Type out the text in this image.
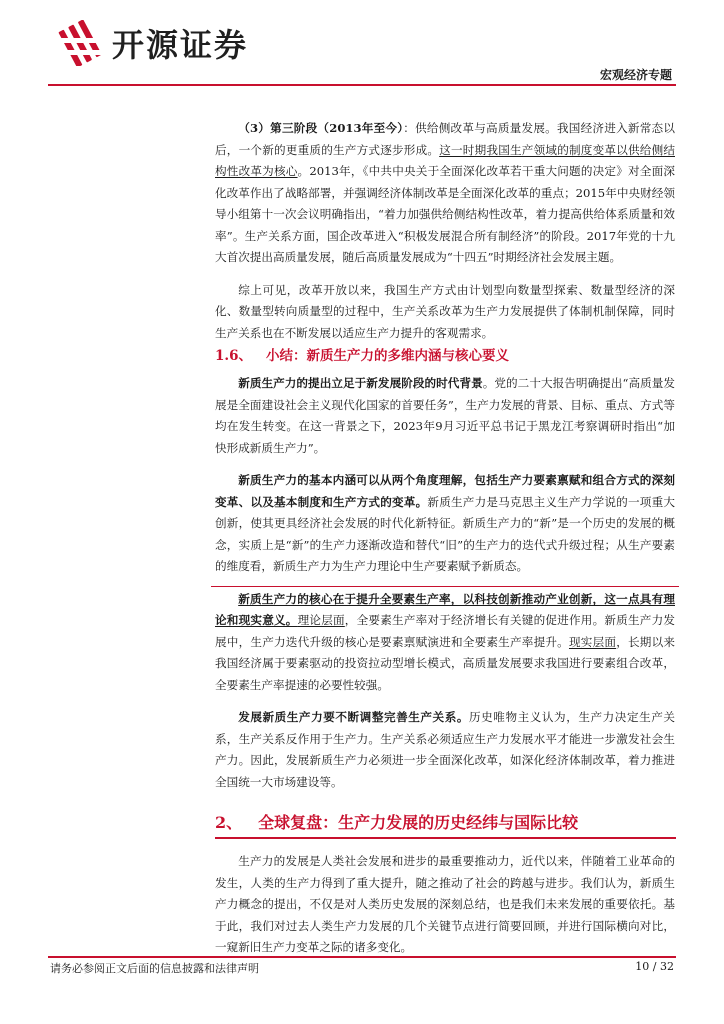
开源证券
宏观经济专题

（3）第三阶段（2013年至今）：供给侧改革与高质量发展。我国经济进入新常态以后，一个新的更重质的生产方式逐步形成。这一时期我国生产领域的制度变革以供给侧结构性改革为核心。2013年，《中共中央关于全面深化改革若干重大问题的决定》对全面深化改革作出了战略部署，并强调经济体制改革是全面深化改革的重点；2015年中央财经领导小组第十一次会议明确指出，“着力加强供给侧结构性改革，着力提高供给体系质量和效率”。生产关系方面，国企改革进入“积极发展混合所有制经济”的阶段。2017年党的十九大首次提出高质量发展，随后高质量发展成为“十四五”时期经济社会发展主题。

综上可见，改革开放以来，我国生产方式由计划型向数量型探索、数量型经济的深化、数量型转向质量型的过程中，生产关系改革为生产力发展提供了体制机制保障，同时生产关系也在不断发展以适应生产力提升的客观需求。

1.6、 小结：新质生产力的多维内涵与核心要义

新质生产力的提出立足于新发展阶段的时代背景。党的二十大报告明确提出“高质量发展是全面建设社会主义现代化国家的首要任务”，生产力发展的背景、目标、重点、方式等均在发生转变。在这一背景之下，2023年9月习近平总书记于黑龙江考察调研时指出“加快形成新质生产力”。

新质生产力的基本内涵可以从两个角度理解，包括生产力要素禀赋和组合方式的深刻变革、以及基本制度和生产方式的变革。新质生产力是马克思主义生产力学说的一项重大创新，使其更具经济社会发展的时代化新特征。新质生产力的“新”是一个历史的发展的概念，实质上是“新”的生产力逐渐改造和替代“旧”的生产力的迭代式升级过程；从生产要素的维度看，新质生产力为生产力理论中生产要素赋予新质态。

新质生产力的核心在于提升全要素生产率，以科技创新推动产业创新，这一点具有理论和现实意义。理论层面，全要素生产率对于经济增长有关键的促进作用。新质生产力发展中，生产力迭代升级的核心是要素禀赋演进和全要素生产率提升。现实层面，长期以来我国经济属于要素驱动的投资拉动型增长模式，高质量发展要求我国进行要素组合改革，全要素生产率提速的必要性较强。

发展新质生产力要不断调整完善生产关系。历史唯物主义认为，生产力决定生产关系，生产关系反作用于生产力。生产关系必须适应生产力发展水平才能进一步激发社会生产力。因此，发展新质生产力必须进一步全面深化改革，如深化经济体制改革，着力推进全国统一大市场建设等。

2、 全球复盘：生产力发展的历史经纬与国际比较

生产力的发展是人类社会发展和进步的最重要推动力，近代以来，伴随着工业革命的发生，人类的生产力得到了重大提升，随之推动了社会的跨越与进步。我们认为，新质生产力概念的提出，不仅是对人类历史发展的深刻总结，也是我们未来发展的重要依托。基于此，我们对过去人类生产力发展的几个关键节点进行简要回顾，并进行国际横向对比，一窥新旧生产力变革之际的诸多变化。

请务必参阅正文后面的信息披露和法律声明	10 / 32
